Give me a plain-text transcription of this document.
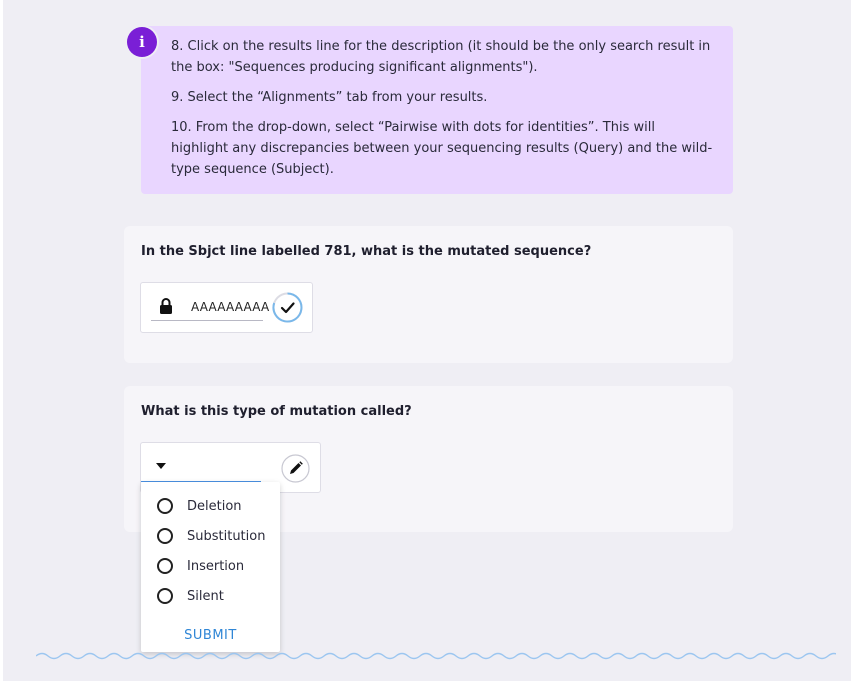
8. Click on the results line for the description (it should be the only search result in the box: "Sequences producing significant alignments").

9. Select the “Alignments” tab from your results.

10. From the drop-down, select “Pairwise with dots for identities”. This will highlight any discrepancies between your sequencing results (Query) and the wild-type sequence (Subject).

i
In the Sbjct line labelled 781, what is the mutated sequence?
AAAAAAAAA
What is this type of mutation called?
Deletion
Substitution
Insertion
Silent
SUBMIT
